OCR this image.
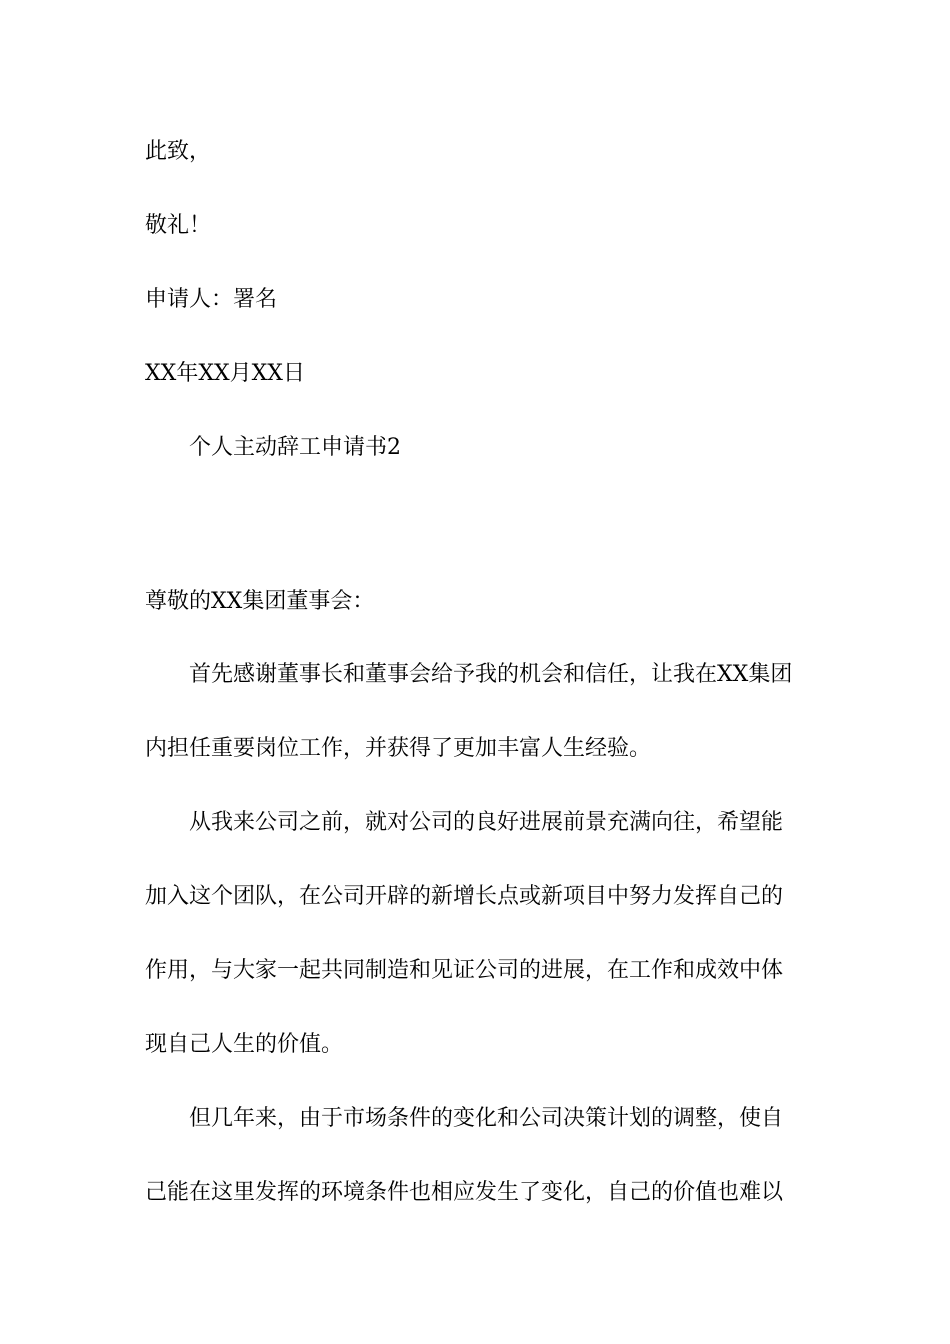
此致，
敬礼！
申请人：署名
XX年XX月XX日
个人主动辞工申请书2
尊敬的XX集团董事会：
首先感谢董事长和董事会给予我的机会和信任，让我在XX集团
内担任重要岗位工作，并获得了更加丰富人生经验。
从我来公司之前，就对公司的良好进展前景充满向往，希望能
加入这个团队，在公司开辟的新增长点或新项目中努力发挥自己的
作用，与大家一起共同制造和见证公司的进展，在工作和成效中体
现自己人生的价值。
但几年来，由于市场条件的变化和公司决策计划的调整，使自
己能在这里发挥的环境条件也相应发生了变化，自己的价值也难以
